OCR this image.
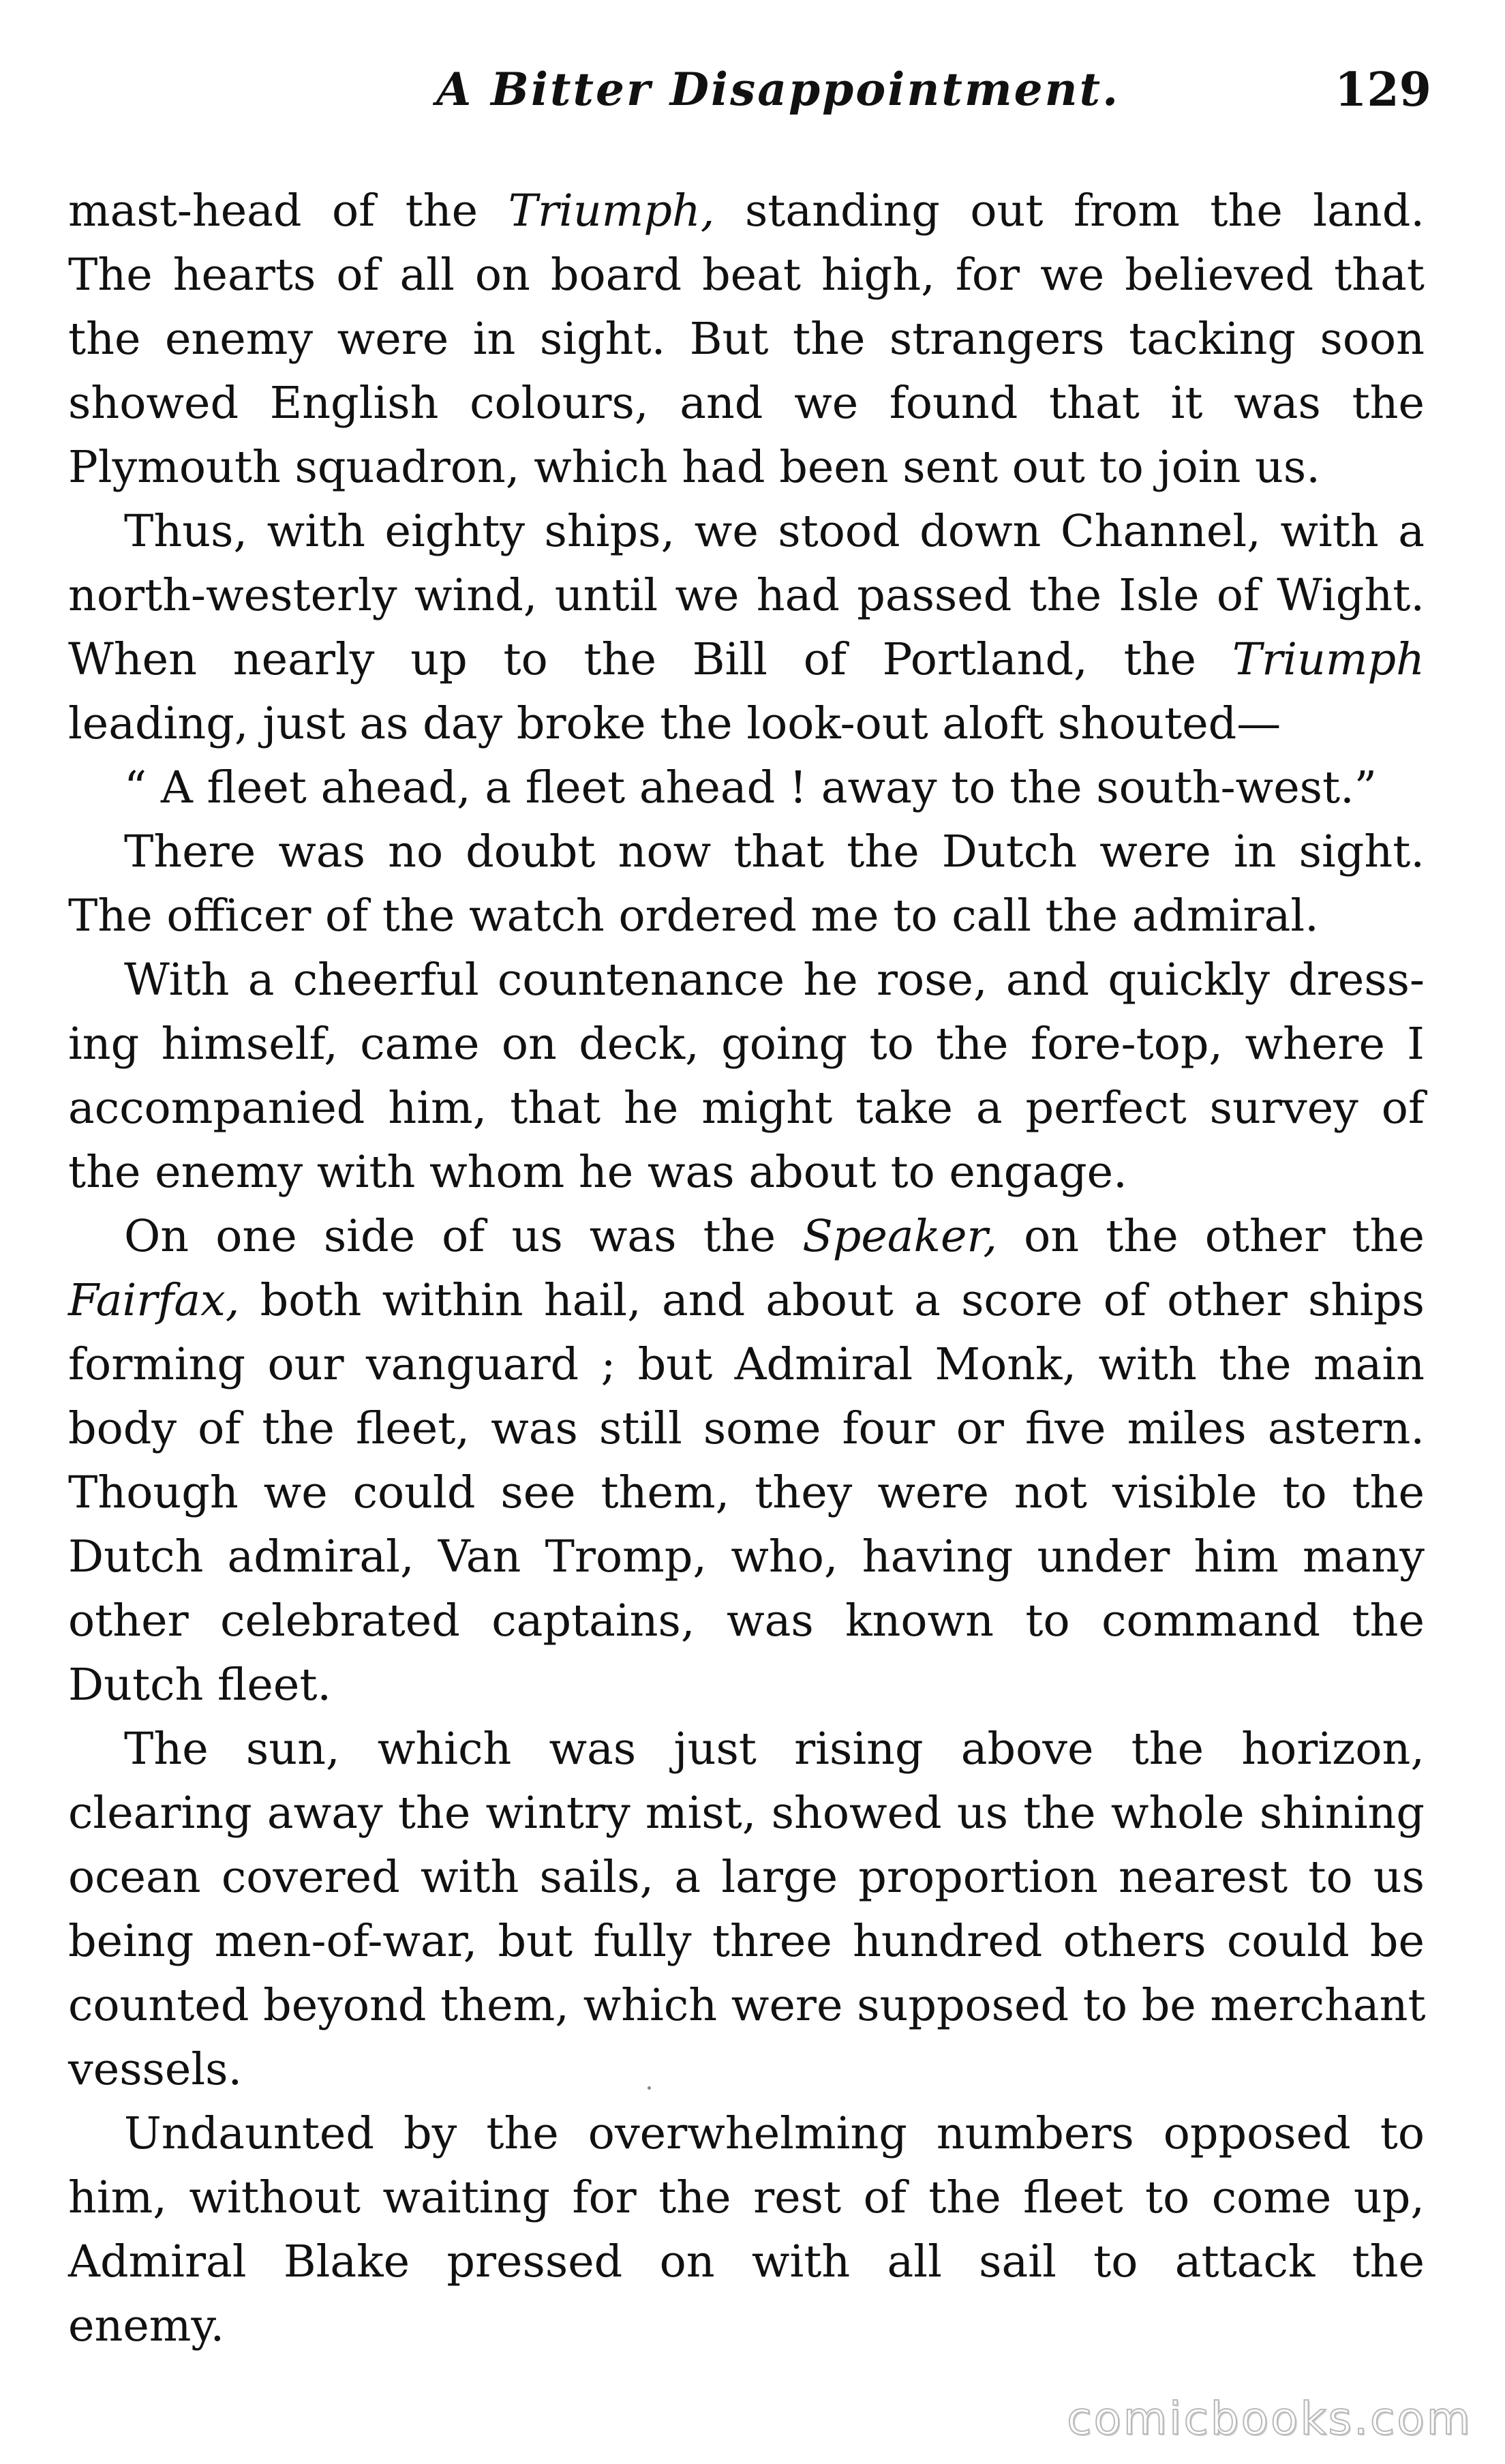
A Bitter Disappointment.	129
mast-head of the Triumph, standing out from the land.
The hearts of all on board beat high, for we believed that
the enemy were in sight. But the strangers tacking soon
showed English colours, and we found that it was the
Plymouth squadron, which had been sent out to join us.
Thus, with eighty ships, we stood down Channel, with a
north-westerly wind, until we had passed the Isle of Wight.
When nearly up to the Bill of Portland, the Triumph
leading, just as day broke the look-out aloft shouted—
“ A fleet ahead, a fleet ahead ! away to the south-west.”
There was no doubt now that the Dutch were in sight.
The officer of the watch ordered me to call the admiral.
With a cheerful countenance he rose, and quickly dress-
ing himself, came on deck, going to the fore-top, where I
accompanied him, that he might take a perfect survey of
the enemy with whom he was about to engage.
On one side of us was the Speaker, on the other the
Fairfax, both within hail, and about a score of other ships
forming our vanguard ; but Admiral Monk, with the main
body of the fleet, was still some four or five miles astern.
Though we could see them, they were not visible to the
Dutch admiral, Van Tromp, who, having under him many
other celebrated captains, was known to command the
Dutch fleet.
The sun, which was just rising above the horizon,
clearing away the wintry mist, showed us the whole shining
ocean covered with sails, a large proportion nearest to us
being men-of-war, but fully three hundred others could be
counted beyond them, which were supposed to be merchant
vessels.
Undaunted by the overwhelming numbers opposed to
him, without waiting for the rest of the fleet to come up,
Admiral Blake pressed on with all sail to attack the
enemy.
comicbooks.com
